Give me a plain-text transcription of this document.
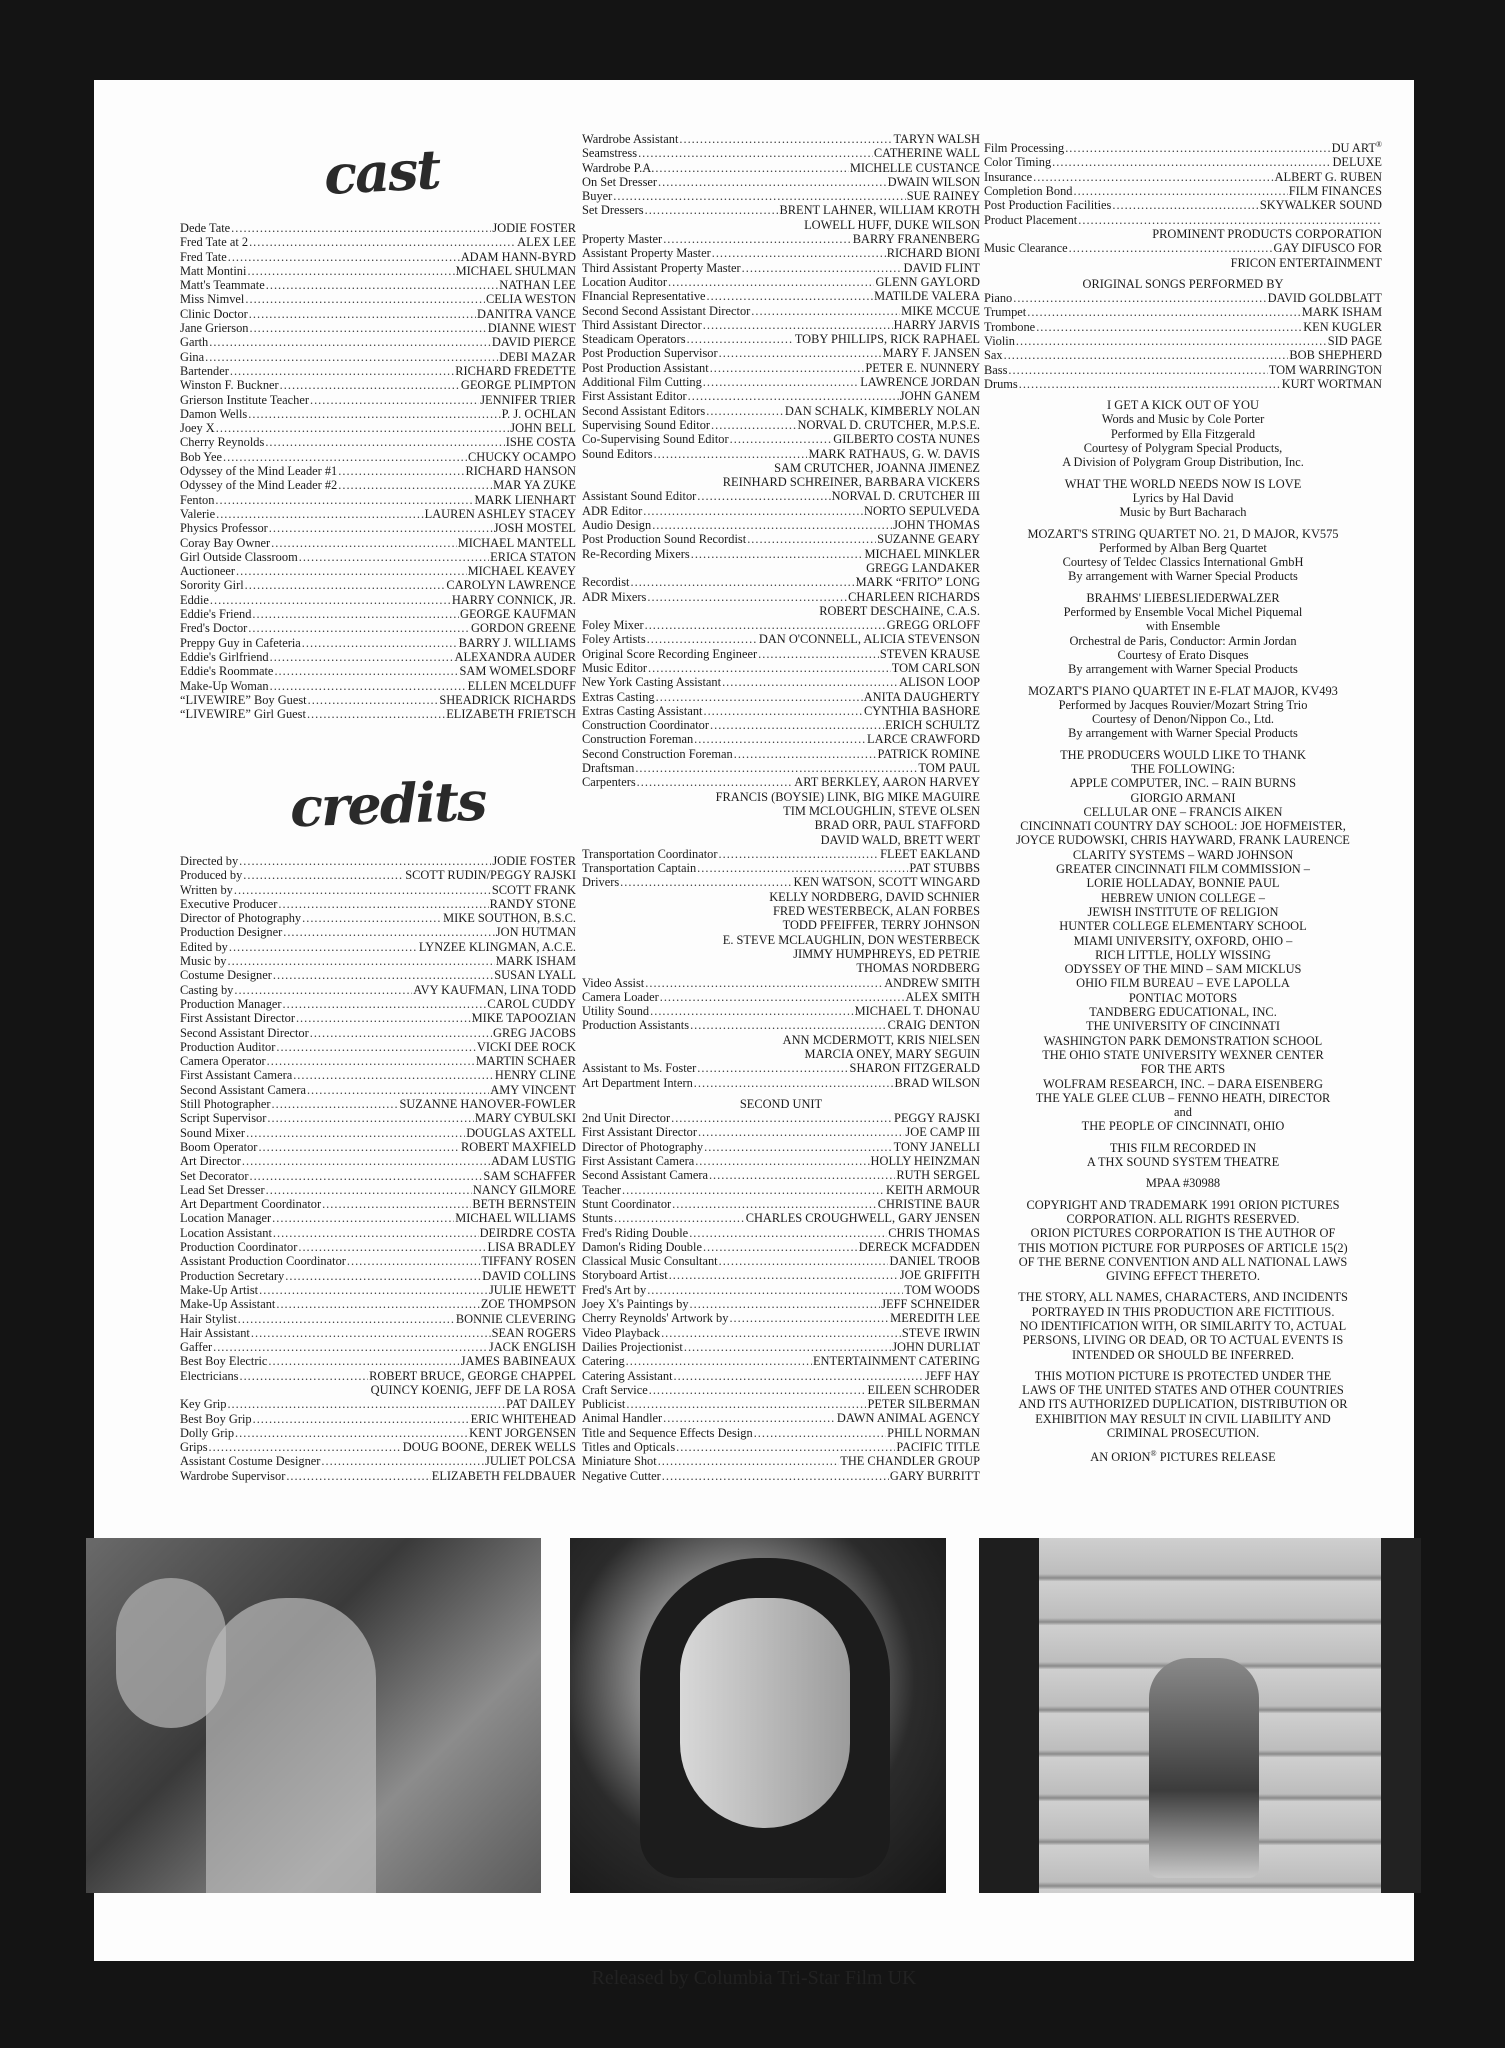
cast
credits
Dede Tate .....	JODIE FOSTER
Fred Tate at 2 .....	ALEX LEE
Fred Tate .....	ADAM HANN-BYRD
Matt Montini .....	MICHAEL SHULMAN
Matt's Teammate .....	NATHAN LEE
Miss Nimvel .....	CELIA WESTON
Clinic Doctor .....	DANITRA VANCE
Jane Grierson .....	DIANNE WIEST
Garth .....	DAVID PIERCE
Gina .....	DEBI MAZAR
Bartender .....	RICHARD FREDETTE
Winston F. Buckner .....	GEORGE PLIMPTON
Grierson Institute Teacher .....	JENNIFER TRIER
Damon Wells .....	P. J. OCHLAN
Joey X .....	JOHN BELL
Cherry Reynolds .....	ISHE COSTA
Bob Yee .....	CHUCKY OCAMPO
Odyssey of the Mind Leader #1 .....	RICHARD HANSON
Odyssey of the Mind Leader #2 .....	MAR YA ZUKE
Fenton .....	MARK LIENHART
Valerie .....	LAUREN ASHLEY STACEY
Physics Professor .....	JOSH MOSTEL
Coray Bay Owner .....	MICHAEL MANTELL
Girl Outside Classroom .....	ERICA STATON
Auctioneer .....	MICHAEL KEAVEY
Sorority Girl .....	CAROLYN LAWRENCE
Eddie .....	HARRY CONNICK, JR.
Eddie's Friend .....	GEORGE KAUFMAN
Fred's Doctor .....	GORDON GREENE
Preppy Guy in Cafeteria .....	BARRY J. WILLIAMS
Eddie's Girlfriend .....	ALEXANDRA AUDER
Eddie's Roommate .....	SAM WOMELSDORF
Make-Up Woman .....	ELLEN MCELDUFF
“LIVEWIRE” Boy Guest .....	SHEADRICK RICHARDS
“LIVEWIRE” Girl Guest .....	ELIZABETH FRIETSCH
Directed by .....	JODIE FOSTER
Produced by .....	SCOTT RUDIN/PEGGY RAJSKI
Written by .....	SCOTT FRANK
Executive Producer .....	RANDY STONE
Director of Photography .....	MIKE SOUTHON, B.S.C.
Production Designer .....	JON HUTMAN
Edited by .....	LYNZEE KLINGMAN, A.C.E.
Music by .....	MARK ISHAM
Costume Designer .....	SUSAN LYALL
Casting by .....	AVY KAUFMAN, LINA TODD
Production Manager .....	CAROL CUDDY
First Assistant Director .....	MIKE TAPOOZIAN
Second Assistant Director .....	GREG JACOBS
Production Auditor .....	VICKI DEE ROCK
Camera Operator .....	MARTIN SCHAER
First Assistant Camera .....	HENRY CLINE
Second Assistant Camera .....	AMY VINCENT
Still Photographer .....	SUZANNE HANOVER-FOWLER
Script Supervisor .....	MARY CYBULSKI
Sound Mixer .....	DOUGLAS AXTELL
Boom Operator .....	ROBERT MAXFIELD
Art Director .....	ADAM LUSTIG
Set Decorator .....	SAM SCHAFFER
Lead Set Dresser .....	NANCY GILMORE
Art Department Coordinator .....	BETH BERNSTEIN
Location Manager .....	MICHAEL WILLIAMS
Location Assistant .....	DEIRDRE COSTA
Production Coordinator .....	LISA BRADLEY
Assistant Production Coordinator .....	TIFFANY ROSEN
Production Secretary .....	DAVID COLLINS
Make-Up Artist .....	JULIE HEWETT
Make-Up Assistant .....	ZOE THOMPSON
Hair Stylist .....	BONNIE CLEVERING
Hair Assistant .....	SEAN ROGERS
Gaffer .....	JACK ENGLISH
Best Boy Electric .....	JAMES BABINEAUX
Electricians .....	ROBERT BRUCE, GEORGE CHAPPEL
QUINCY KOENIG, JEFF DE LA ROSA
Key Grip .....	PAT DAILEY
Best Boy Grip .....	ERIC WHITEHEAD
Dolly Grip .....	KENT JORGENSEN
Grips .....	DOUG BOONE, DEREK WELLS
Assistant Costume Designer .....	JULIET POLCSA
Wardrobe Supervisor .....	ELIZABETH FELDBAUER
Wardrobe Assistant .....	TARYN WALSH
Seamstress .....	CATHERINE WALL
Wardrobe P.A. .....	MICHELLE CUSTANCE
On Set Dresser .....	DWAIN WILSON
Buyer .....	SUE RAINEY
Set Dressers .....	BRENT LAHNER, WILLIAM KROTH
LOWELL HUFF, DUKE WILSON
Property Master .....	BARRY FRANENBERG
Assistant Property Master .....	RICHARD BIONI
Third Assistant Property Master .....	DAVID FLINT
Location Auditor .....	GLENN GAYLORD
FInancial Representative .....	MATILDE VALERA
Second Second Assistant Director .....	MIKE MCCUE
Third Assistant Director .....	HARRY JARVIS
Steadicam Operators .....	TOBY PHILLIPS, RICK RAPHAEL
Post Production Supervisor .....	MARY F. JANSEN
Post Production Assistant .....	PETER E. NUNNERY
Additional Film Cutting .....	LAWRENCE JORDAN
First Assistant Editor .....	JOHN GANEM
Second Assistant Editors .....	DAN SCHALK, KIMBERLY NOLAN
Supervising Sound Editor .....	NORVAL D. CRUTCHER, M.P.S.E.
Co-Supervising Sound Editor .....	GILBERTO COSTA NUNES
Sound Editors .....	MARK RATHAUS, G. W. DAVIS
SAM CRUTCHER, JOANNA JIMENEZ
REINHARD SCHREINER, BARBARA VICKERS
Assistant Sound Editor .....	NORVAL D. CRUTCHER III
ADR Editor .....	NORTO SEPULVEDA
Audio Design .....	JOHN THOMAS
Post Production Sound Recordist .....	SUZANNE GEARY
Re-Recording Mixers .....	MICHAEL MINKLER
GREGG LANDAKER
Recordist .....	MARK “FRITO” LONG
ADR Mixers .....	CHARLEEN RICHARDS
ROBERT DESCHAINE, C.A.S.
Foley Mixer .....	GREGG ORLOFF
Foley Artists .....	DAN O'CONNELL, ALICIA STEVENSON
Original Score Recording Engineer .....	STEVEN KRAUSE
Music Editor .....	TOM CARLSON
New York Casting Assistant .....	ALISON LOOP
Extras Casting .....	ANITA DAUGHERTY
Extras Casting Assistant .....	CYNTHIA BASHORE
Construction Coordinator .....	ERICH SCHULTZ
Construction Foreman .....	LARCE CRAWFORD
Second Construction Foreman .....	PATRICK ROMINE
Draftsman .....	TOM PAUL
Carpenters .....	ART BERKLEY, AARON HARVEY
FRANCIS (BOYSIE) LINK, BIG MIKE MAGUIRE
TIM MCLOUGHLIN, STEVE OLSEN
BRAD ORR, PAUL STAFFORD
DAVID WALD, BRETT WERT
Transportation Coordinator .....	FLEET EAKLAND
Transportation Captain .....	PAT STUBBS
Drivers .....	KEN WATSON, SCOTT WINGARD
KELLY NORDBERG, DAVID SCHNIER
FRED WESTERBECK, ALAN FORBES
TODD PFEIFFER, TERRY JOHNSON
E. STEVE MCLAUGHLIN, DON WESTERBECK
JIMMY HUMPHREYS, ED PETRIE
THOMAS NORDBERG
Video Assist .....	ANDREW SMITH
Camera Loader .....	ALEX SMITH
Utility Sound .....	MICHAEL T. DHONAU
Production Assistants .....	CRAIG DENTON
ANN MCDERMOTT, KRIS NIELSEN
MARCIA ONEY, MARY SEGUIN
Assistant to Ms. Foster .....	SHARON FITZGERALD
Art Department Intern .....	BRAD WILSON
SECOND UNIT
2nd Unit Director .....	PEGGY RAJSKI
First Assistant Director .....	JOE CAMP III
Director of Photography .....	TONY JANELLI
First Assistant Camera .....	HOLLY HEINZMAN
Second Assistant Camera .....	RUTH SERGEL
Teacher .....	KEITH ARMOUR
Stunt Coordinator .....	CHRISTINE BAUR
Stunts .....	CHARLES CROUGHWELL, GARY JENSEN
Fred's Riding Double .....	CHRIS THOMAS
Damon's Riding Double .....	DERECK MCFADDEN
Classical Music Consultant .....	DANIEL TROOB
Storyboard Artist .....	JOE GRIFFITH
Fred's Art by .....	TOM WOODS
Joey X's Paintings by .....	JEFF SCHNEIDER
Cherry Reynolds' Artwork by .....	MEREDITH LEE
Video Playback .....	STEVE IRWIN
Dailies Projectionist .....	JOHN DURLIAT
Catering .....	ENTERTAINMENT CATERING
Catering Assistant .....	JEFF HAY
Craft Service .....	EILEEN SCHRODER
Publicist .....	PETER SILBERMAN
Animal Handler .....	DAWN ANIMAL AGENCY
Title and Sequence Effects Design .....	PHILL NORMAN
Titles and Opticals .....	PACIFIC TITLE
Miniature Shot .....	THE CHANDLER GROUP
Negative Cutter .....	GARY BURRITT
Film Processing .....	DU ART®
Color Timing .....	DELUXE
Insurance .....	ALBERT G. RUBEN
Completion Bond .....	FILM FINANCES
Post Production Facilities .....	SKYWALKER SOUND
Product Placement
.....
PROMINENT PRODUCTS CORPORATION
Music Clearance .....	GAY DIFUSCO FOR
FRICON ENTERTAINMENT
ORIGINAL SONGS PERFORMED BY
Piano .....	DAVID GOLDBLATT
Trumpet .....	MARK ISHAM
Trombone .....	KEN KUGLER
Violin .....	SID PAGE
Sax .....	BOB SHEPHERD
Bass .....	TOM WARRINGTON
Drums .....	KURT WORTMAN
I GET A KICK OUT OF YOU
Words and Music by Cole Porter
Performed by Ella Fitzgerald
Courtesy of Polygram Special Products,
A Division of Polygram Group Distribution, Inc.
WHAT THE WORLD NEEDS NOW IS LOVE
Lyrics by Hal David
Music by Burt Bacharach
MOZART'S STRING QUARTET NO. 21, D MAJOR, KV575
Performed by Alban Berg Quartet
Courtesy of Teldec Classics International GmbH
By arrangement with Warner Special Products
BRAHMS' LIEBESLIEDERWALZER
Performed by Ensemble Vocal Michel Piquemal
with Ensemble
Orchestral de Paris, Conductor: Armin Jordan
Courtesy of Erato Disques
By arrangement with Warner Special Products
MOZART'S PIANO QUARTET IN E-FLAT MAJOR, KV493
Performed by Jacques Rouvier/Mozart String Trio
Courtesy of Denon/Nippon Co., Ltd.
By arrangement with Warner Special Products
THE PRODUCERS WOULD LIKE TO THANK
THE FOLLOWING:
APPLE COMPUTER, INC. – RAIN BURNS
GIORGIO ARMANI
CELLULAR ONE – FRANCIS AIKEN
CINCINNATI COUNTRY DAY SCHOOL: JOE HOFMEISTER,
JOYCE RUDOWSKI, CHRIS HAYWARD, FRANK LAURENCE
CLARITY SYSTEMS – WARD JOHNSON
GREATER CINCINNATI FILM COMMISSION –
LORIE HOLLADAY, BONNIE PAUL
HEBREW UNION COLLEGE –
JEWISH INSTITUTE OF RELIGION
HUNTER COLLEGE ELEMENTARY SCHOOL
MIAMI UNIVERSITY, OXFORD, OHIO –
RICH LITTLE, HOLLY WISSING
ODYSSEY OF THE MIND – SAM MICKLUS
OHIO FILM BUREAU – EVE LAPOLLA
PONTIAC MOTORS
TANDBERG EDUCATIONAL, INC.
THE UNIVERSITY OF CINCINNATI
WASHINGTON PARK DEMONSTRATION SCHOOL
THE OHIO STATE UNIVERSITY WEXNER CENTER
FOR THE ARTS
WOLFRAM RESEARCH, INC. – DARA EISENBERG
THE YALE GLEE CLUB – FENNO HEATH, DIRECTOR
and
THE PEOPLE OF CINCINNATI, OHIO
THIS FILM RECORDED IN
A THX SOUND SYSTEM THEATRE
MPAA #30988
COPYRIGHT AND TRADEMARK 1991 ORION PICTURES
CORPORATION. ALL RIGHTS RESERVED.
ORION PICTURES CORPORATION IS THE AUTHOR OF
THIS MOTION PICTURE FOR PURPOSES OF ARTICLE 15(2)
OF THE BERNE CONVENTION AND ALL NATIONAL LAWS
GIVING EFFECT THERETO.
THE STORY, ALL NAMES, CHARACTERS, AND INCIDENTS
PORTRAYED IN THIS PRODUCTION ARE FICTITIOUS.
NO IDENTIFICATION WITH, OR SIMILARITY TO, ACTUAL
PERSONS, LIVING OR DEAD, OR TO ACTUAL EVENTS IS
INTENDED OR SHOULD BE INFERRED.
THIS MOTION PICTURE IS PROTECTED UNDER THE
LAWS OF THE UNITED STATES AND OTHER COUNTRIES
AND ITS AUTHORIZED DUPLICATION, DISTRIBUTION OR
EXHIBITION MAY RESULT IN CIVIL LIABILITY AND
CRIMINAL PROSECUTION.
AN ORION® PICTURES RELEASE
Released by Columbia Tri-Star Film UK
